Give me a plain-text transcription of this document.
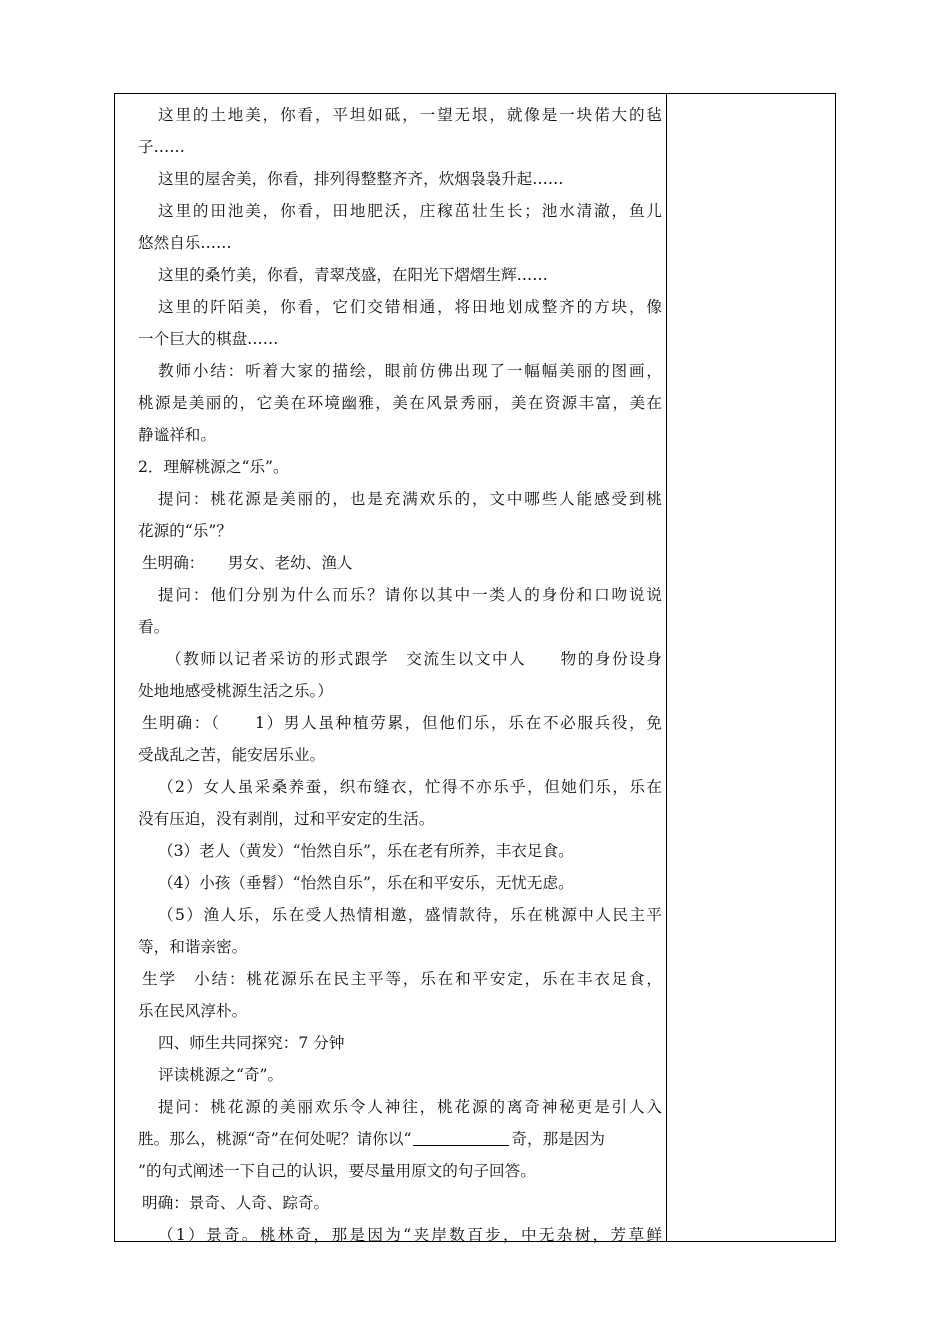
这里的土地美，你看，平坦如砥，一望无垠，就像是一块偌大的毡

子……

这里的屋舍美，你看，排列得整整齐齐，炊烟袅袅升起……

这里的田池美，你看，田地肥沃，庄稼茁壮生长；池水清澈，鱼儿

悠然自乐……

这里的桑竹美，你看，青翠茂盛，在阳光下熠熠生辉……

这里的阡陌美，你看，它们交错相通，将田地划成整齐的方块，像

一个巨大的棋盘……

教师小结：听着大家的描绘，眼前仿佛出现了一幅幅美丽的图画，

桃源是美丽的，它美在环境幽雅，美在风景秀丽，美在资源丰富，美在

静谧祥和。

2．理解桃源之“乐”。

提问：桃花源是美丽的，也是充满欢乐的，文中哪些人能感受到桃

花源的“乐”？

生明确：　　男女、老幼、渔人

提问：他们分别为什么而乐？请你以其中一类人的身份和口吻说说

看。

（教师以记者采访的形式跟学　交流生以文中人　　物的身份设身

处地地感受桃源生活之乐。）

生明确：（　　1）男人虽种植劳累，但他们乐，乐在不必服兵役，免

受战乱之苦，能安居乐业。

（2）女人虽采桑养蚕，织布缝衣，忙得不亦乐乎，但她们乐，乐在

没有压迫，没有剥削，过和平安定的生活。

（3）老人（黄发）“怡然自乐”，乐在老有所养，丰衣足食。

（4）小孩（垂髫）“怡然自乐”，乐在和平安乐，无忧无虑。

（5）渔人乐，乐在受人热情相邀，盛情款待，乐在桃源中人民主平

等，和谐亲密。

生学　小结：桃花源乐在民主平等，乐在和平安定，乐在丰衣足食，

乐在民风淳朴。

四、师生共同探究：7 分钟

评读桃源之“奇”。

提问：桃花源的美丽欢乐令人神往，桃花源的离奇神秘更是引人入

胜。那么，桃源“奇”在何处呢？请你以“	奇，那是因为

”的句式阐述一下自己的认识，要尽量用原文的句子回答。

明确：景奇、人奇、踪奇。

（1）景奇。桃林奇，那是因为“夹岸数百步，中无杂树，芳草鲜
